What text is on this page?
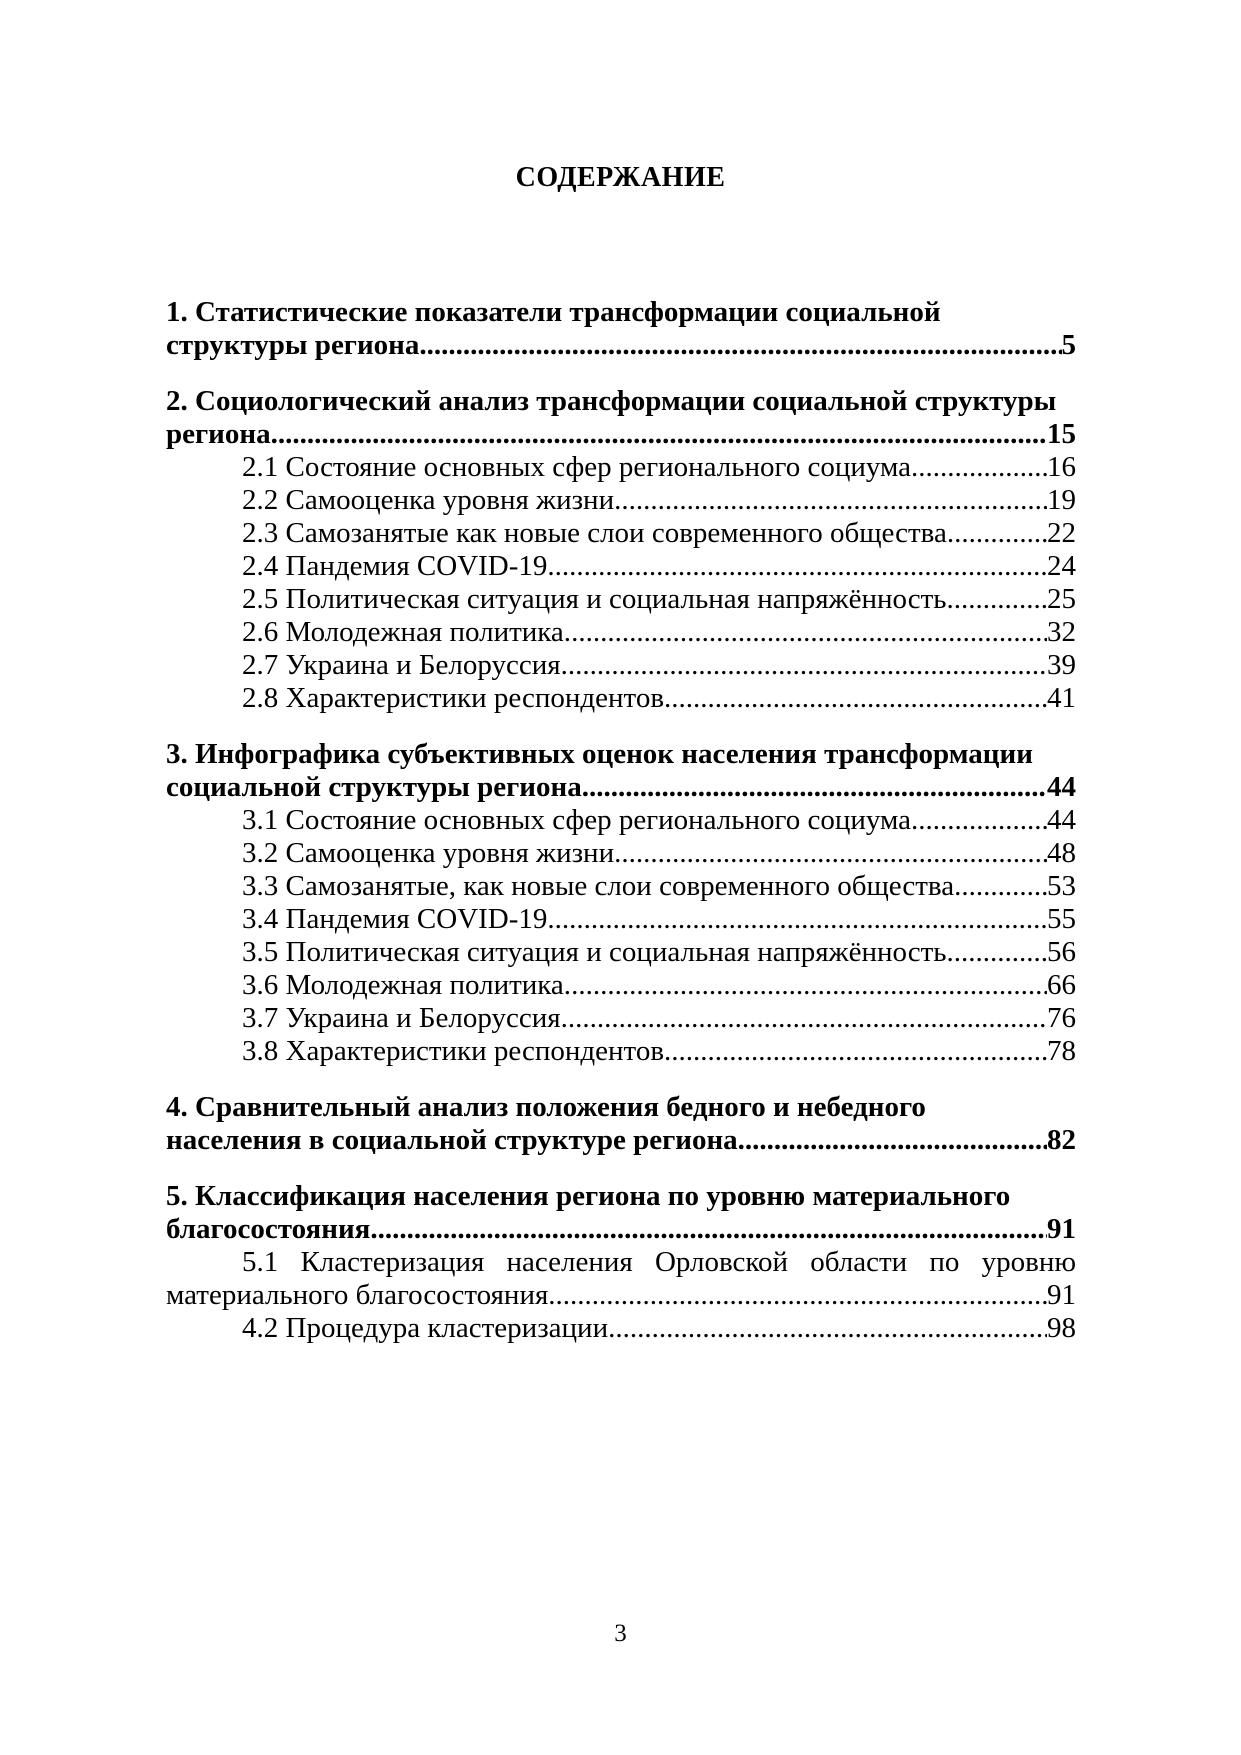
СОДЕРЖАНИЕ
1. Статистические показатели трансформации социальной
структуры региона. .....	5
2. Социологический анализ трансформации социальной структуры
региона. .....	15
2.1 Состояние основных сфер регионального социума. .....	16
2.2 Самооценка уровня жизни. .....	19
2.3 Самозанятые как новые слои современного общества. .....	22
2.4 Пандемия COVID-19. .....	24
2.5 Политическая ситуация и социальная напряжённость. .....	25
2.6 Молодежная политика. .....	32
2.7 Украина и Белоруссия. .....	39
2.8 Характеристики респондентов. .....	41
3. Инфографика субъективных оценок населения трансформации
социальной структуры региона. .....	44
3.1 Состояние основных сфер регионального социума. .....	44
3.2 Самооценка уровня жизни. .....	48
3.3 Самозанятые, как новые слои современного общества .....	53
3.4 Пандемия COVID-19. .....	55
3.5 Политическая ситуация и социальная напряжённость. .....	56
3.6 Молодежная политика. .....	66
3.7 Украина и Белоруссия. .....	76
3.8 Характеристики респондентов. .....	78
4. Сравнительный анализ положения бедного и небедного
населения в социальной структуре региона. .....	82
5. Классификация населения региона по уровню материального
благосостояния. .....	91
5.1 Кластеризация населения Орловской области по уровню
материального благосостояния. .....	91
4.2 Процедура кластеризации .....	98
3
